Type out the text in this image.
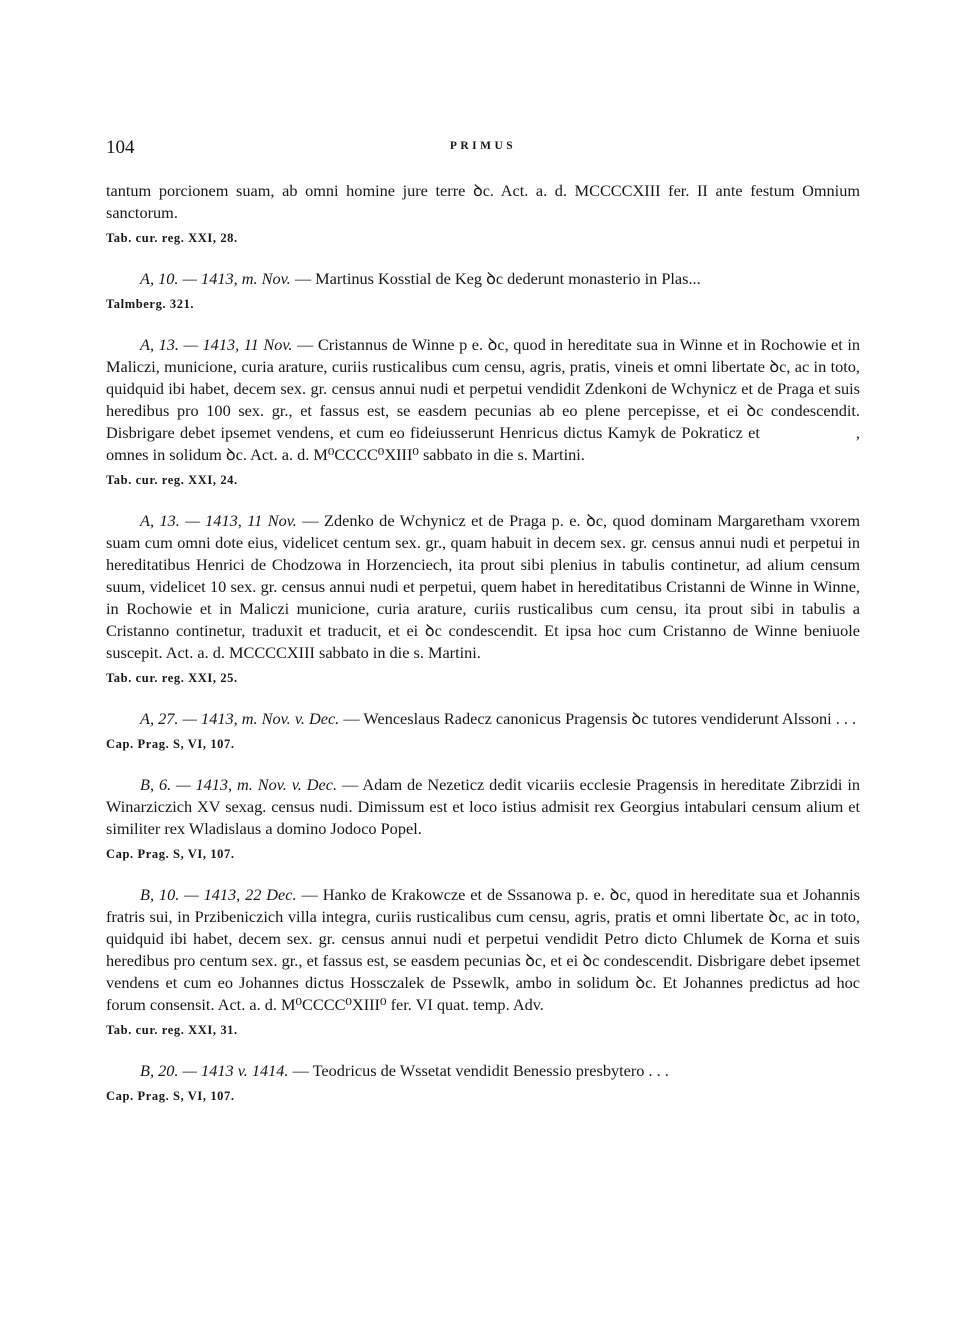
104	PRIMUS

tantum porcionem suam, ab omni homine jure terre ꝺc. Act. a. d. MCCCCXIII fer. II ante festum Omnium sanctorum.

Tab. cur. reg. XXI, 28.

A, 10. — 1413, m. Nov. — Martinus Kosstial de Keg ꝺc dederunt monasterio in Plas...

Talmberg. 321.

A, 13. — 1413, 11 Nov. — Cristannus de Winne p e. ꝺc, quod in hereditate sua in Winne et in Rochowie et in Maliczi, municione, curia arature, curiis rusticalibus cum censu, agris, pratis, vineis et omni libertate ꝺc, ac in toto, quidquid ibi habet, decem sex. gr. census annui nudi et perpetui vendidit Zdenkoni de Wchynicz et de Praga et suis heredibus pro 100 sex. gr., et fassus est, se easdem pecunias ab eo plene percepisse, et ei ꝺc condescendit. Disbrigare debet ipsemet vendens, et cum eo fideiusserunt Henricus dictus Kamyk de Pokraticz et	, omnes in solidum ꝺc. Act. a. d. M⁰CCCC⁰XIII⁰ sabbato in die s. Martini.

Tab. cur. reg. XXI, 24.

A, 13. — 1413, 11 Nov. — Zdenko de Wchynicz et de Praga p. e. ꝺc, quod dominam Margaretham vxorem suam cum omni dote eius, videlicet centum sex. gr., quam habuit in decem sex. gr. census annui nudi et perpetui in hereditatibus Henrici de Chodzowa in Horzenciech, ita prout sibi plenius in tabulis continetur, ad alium censum suum, videlicet 10 sex. gr. census annui nudi et perpetui, quem habet in hereditatibus Cristanni de Winne in Winne, in Rochowie et in Maliczi municione, curia arature, curiis rusticalibus cum censu, ita prout sibi in tabulis a Cristanno continetur, traduxit et traducit, et ei ꝺc condescendit. Et ipsa hoc cum Cristanno de Winne beniuole suscepit. Act. a. d. MCCCCXIII sabbato in die s. Martini.

Tab. cur. reg. XXI, 25.

A, 27. — 1413, m. Nov. v. Dec. — Wenceslaus Radecz canonicus Pragensis ꝺc tutores vendiderunt Alssoni . . .

Cap. Prag. S, VI, 107.

B, 6. — 1413, m. Nov. v. Dec. — Adam de Nezeticz dedit vicariis ecclesie Pragensis in hereditate Zibrzidi in Winarziczich XV sexag. census nudi. Dimissum est et loco istius admisit rex Georgius intabulari censum alium et similiter rex Wladislaus a domino Jodoco Popel.

Cap. Prag. S, VI, 107.

B, 10. — 1413, 22 Dec. — Hanko de Krakowcze et de Sssanowa p. e. ꝺc, quod in hereditate sua et Johannis fratris sui, in Przibeniczich villa integra, curiis rusticalibus cum censu, agris, pratis et omni libertate ꝺc, ac in toto, quidquid ibi habet, decem sex. gr. census annui nudi et perpetui vendidit Petro dicto Chlumek de Korna et suis heredibus pro centum sex. gr., et fassus est, se easdem pecunias ꝺc, et ei ꝺc condescendit. Disbrigare debet ipsemet vendens et cum eo Johannes dictus Hossczalek de Pssewlk, ambo in solidum ꝺc. Et Johannes predictus ad hoc forum consensit. Act. a. d. M⁰CCCC⁰XIII⁰ fer. VI quat. temp. Adv.

Tab. cur. reg. XXI, 31.

B, 20. — 1413 v. 1414. — Teodricus de Wssetat vendidit Benessio presbytero . . .

Cap. Prag. S, VI, 107.
